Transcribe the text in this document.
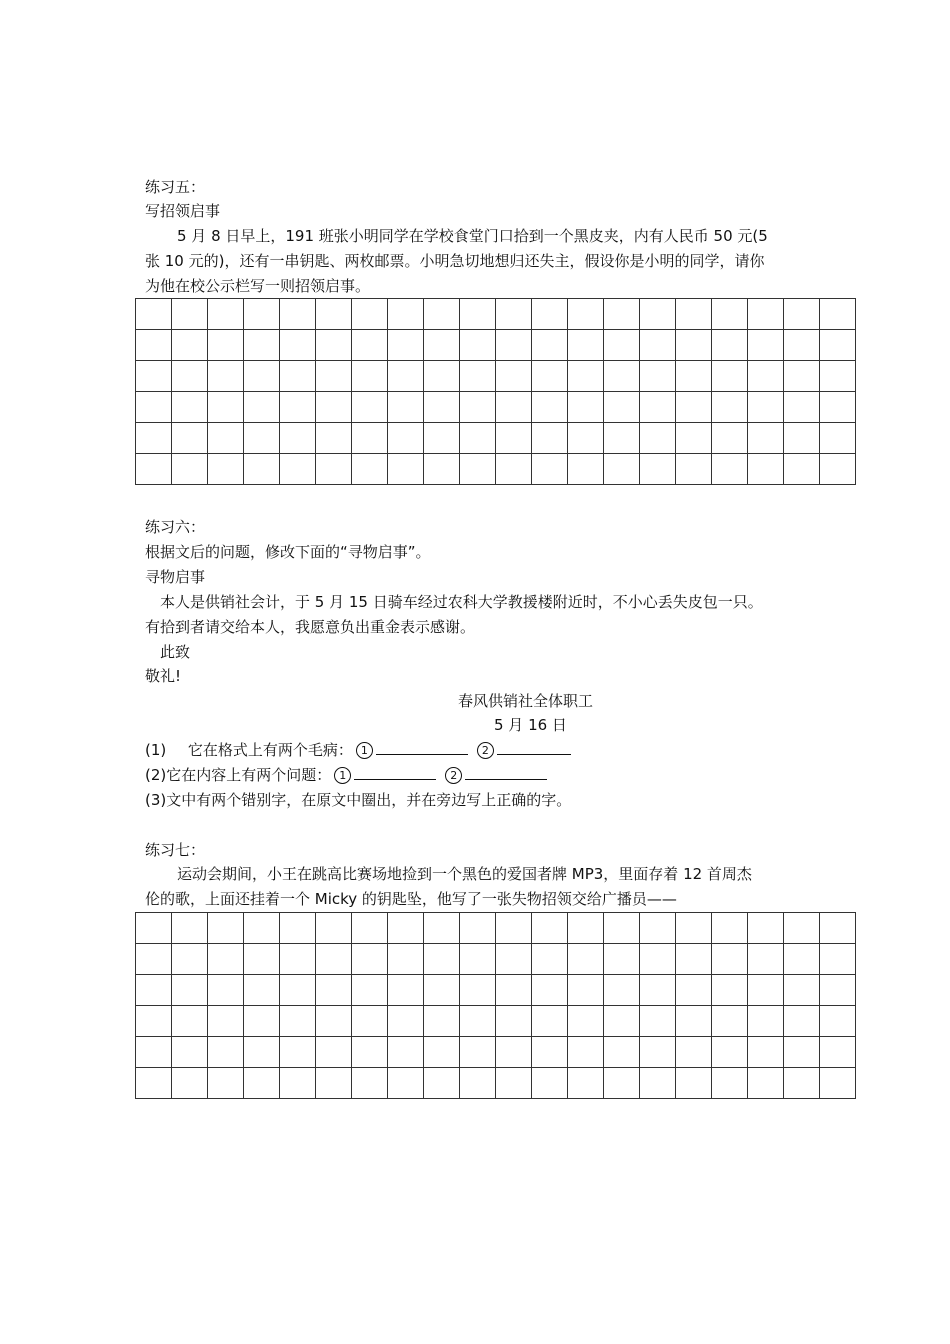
练习五：
写招领启事
5 月 8 日早上，191 班张小明同学在学校食堂门口拾到一个黑皮夹，内有人民币 50 元(5
张 10 元的)，还有一串钥匙、两枚邮票。小明急切地想归还失主，假设你是小明的同学，请你
为他在校公示栏写一则招领启事。

练习六：
根据文后的问题，修改下面的“寻物启事”。
寻物启事
本人是供销社会计，于 5 月 15 日骑车经过农科大学教援楼附近时，不小心丢失皮包一只。
有拾到者请交给本人，我愿意负出重金表示感谢。
此致
敬礼!
春风供销社全体职工
5 月 16 日
(1) 它在格式上有两个毛病： 1	2
(2)它在内容上有两个问题： 1	2
(3)文中有两个错别字，在原文中圈出，并在旁边写上正确的字。
练习七：
运动会期间，小王在跳高比赛场地捡到一个黑色的爱国者牌 MP3，里面存着 12 首周杰
伦的歌，上面还挂着一个 Micky 的钥匙坠，他写了一张失物招领交给广播员——
